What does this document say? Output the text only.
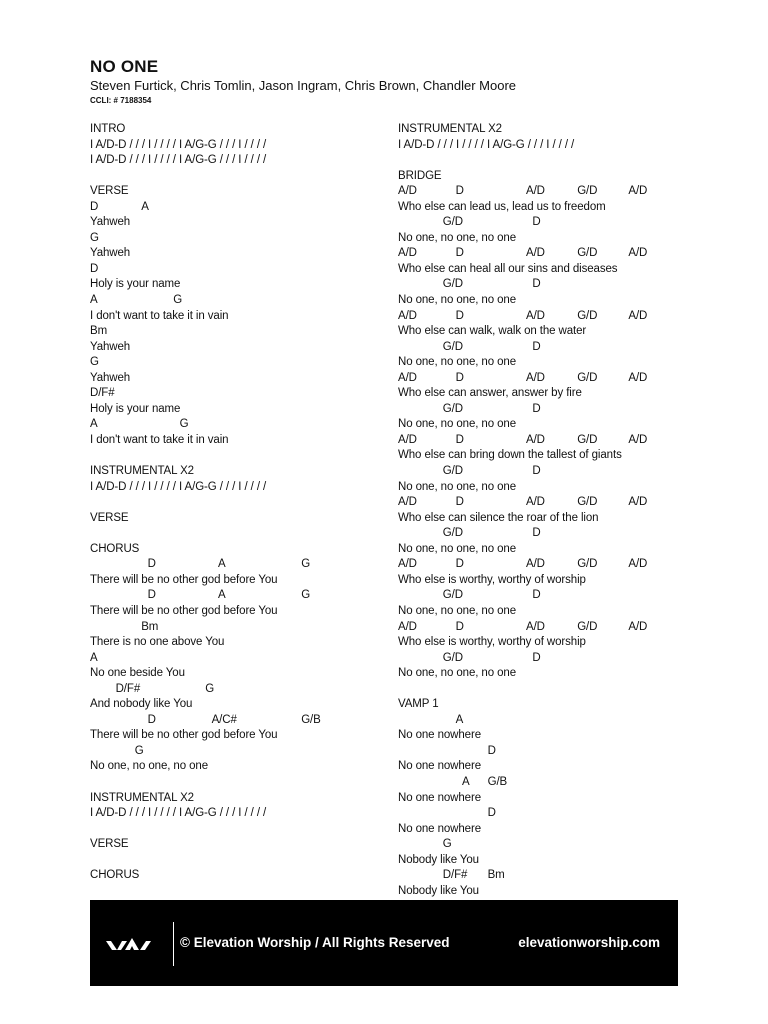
NO ONE
Steven Furtick, Chris Tomlin, Jason Ingram, Chris Brown, Chandler Moore
CCLI: # 7188354
INTRO
I A/D-D / / / I / / / / I A/G-G / / / I / / / /
I A/D-D / / / I / / / / I A/G-G / / / I / / / /
VERSE
D	A
Yahweh
G
Yahweh
D
Holy is your name
A	G
I don't want to take it in vain
Bm
Yahweh
G
Yahweh
D/F#
Holy is your name
A	G
I don't want to take it in vain
INSTRUMENTAL X2
I A/D-D / / / I / / / / I A/G-G / / / I / / / /
VERSE
CHORUS
D	A	G
There will be no other god before You
D	A	G
There will be no other god before You
Bm
There is no one above You
A
No one beside You
D/F#	G
And nobody like You
D	A/C#	G/B
There will be no other god before You
G
No one, no one, no one
INSTRUMENTAL X2
I A/D-D / / / I / / / / I A/G-G / / / I / / / /
VERSE
CHORUS
INSTRUMENTAL X2
I A/D-D / / / I / / / / I A/G-G / / / I / / / /
BRIDGE
A/D	D	A/D	G/D	A/D
Who else can lead us, lead us to freedom
G/D	D
No one, no one, no one
A/D	D	A/D	G/D	A/D
Who else can heal all our sins and diseases
G/D	D
No one, no one, no one
A/D	D	A/D	G/D	A/D
Who else can walk, walk on the water
G/D	D
No one, no one, no one
A/D	D	A/D	G/D	A/D
Who else can answer, answer by fire
G/D	D
No one, no one, no one
A/D	D	A/D	G/D	A/D
Who else can bring down the tallest of giants
G/D	D
No one, no one, no one
A/D	D	A/D	G/D	A/D
Who else can silence the roar of the lion
G/D	D
No one, no one, no one
A/D	D	A/D	G/D	A/D
Who else is worthy, worthy of worship
G/D	D
No one, no one, no one
A/D	D	A/D	G/D	A/D
Who else is worthy, worthy of worship
G/D	D
No one, no one, no one
VAMP 1
A
No one nowhere
D
No one nowhere
A G/B
No one nowhere
D
No one nowhere
G
Nobody like You
D/F# Bm
Nobody like You
© Elevation Worship / All Rights Reserved	elevationworship.com
